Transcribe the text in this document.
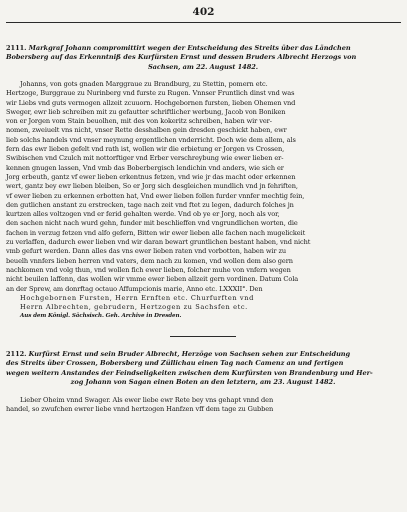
402
2111. Markgraf Johann compromittirt wegen der Entscheidung des Streits über das Ländchen
Bobersberg auf das Erkenntniß des Kurfürsten Ernst und dessen Bruders Albrecht Herzogs von
Sachsen, am 22. August 1482.
Johanns, von gots gnaden Marggraue zu Brandburg, zu Stettin, pomern etc.
Hertzoge, Burggraue zu Nurinberg vnd furste zu Rugen. Vnnser Fruntlich dinst vnd was
wir Liebs vnd guts vermogen allzeit zcuuorn. Hochgebornen fursten, lieben Ohemen vnd
Sweger, ewr lieb schreiben mit zu gefautter schriftlicher werbung, Jacob von Boniken
von er Jorgen vom Stain beuolhen, mit des von kokeritz schreiben, haben wir ver-
nomen, zweiuelt vns nicht, vnser Rette desshalben gein dresden geschickt haben, ewr
lieb solchs handels vnd vnser meynung ergentlichen vnderricht. Doch wie dem allem, als
fern das ewr lieben gefelt vnd rath ist, wollen wir die erbietung er Jorgen vs Crossen,
Swibischen vnd Czulch mit nottorftiger vnd Erber verschreybung wie ewer lieben er-
kennen gnugen lassen, Vnd vmb das Boberbergisch lendichin vnd anders, wie sich er
Jorg erbeuth, gantz vf ewer lieben erkentnus fetzen, vnd wie jr das macht oder erkennen
wert, gantz bey ewr lieben bleiben, So er Jorg sich desgleichen mundlich vnd jn fehriften,
vf ewer lieben zu erkennen erbotten hat, Vnd ewer lieben follen furder vnnfer mechtig fein,
den gutlichen anstant zu erstrecken, tage nach zeit vnd ftet zu legen, dadurch folches jn
kurtzen alles voltzogen vnd er ferid gehalten werde. Vnd ob ye er Jorg, noch als vor,
den sachen nicht nach wurd gehn, funder mit beschlieffen vnd vngrundlichen worten, die
fachen in verzug fetzen vnd alfo gefern, Bitten wir ewer lieben alle fachen nach mugelickeit
zu verlaffen, dadurch ewer lieben vnd wir daran bewart gruntlichen bestant haben, vnd nicht
vmb gefurt werden. Dann alles das vns ewer lieben raten vnd vorbotten, haben wir zu
beuelh vnnfers lieben herren vnd vaters, dem nach zu komen, vnd wollen dem also gern
nachkomen vnd volg thun, vnd wollen fich ewer lieben, folcher muhe von vnfern wegen
nicht beuilen laffenn, das wollen wir vmme ewer lieben allzeit gern vordinen. Datum Cola
an der Sprew, am donrftag octauo Affumpcionis marie, Anno etc. LXXXII°. Den
Hochgebornen Fursten, Herrn Ernften etc. Churfurften vnd
Herrn Albrechten, gebrudern, Hertzogen zu Sachsfen etc.
Aus dem Königl. Sächsisch. Geh. Archive in Dresden.
2112. Kurfürst Ernst und sein Bruder Albrecht, Herzöge von Sachsen sehen zur Entscheidung
des Streits über Crossen, Bobersberg und Züllichau einen Tag nach Camenz an und fertigen
wegen weitern Anstandes der Feindseligkeiten zwischen dem Kurfürsten von Brandenburg und Her-
zog Johann von Sagan einen Boten an den letztern, am 23. August 1482.
Lieber Oheim vnnd Swager. Als ewer liebe ewr Rete bey vns gehapt vnnd den
handel, so zwufchen ewrer liebe vnnd hertzogen Hanfzen vff dem tage zu Gubben
